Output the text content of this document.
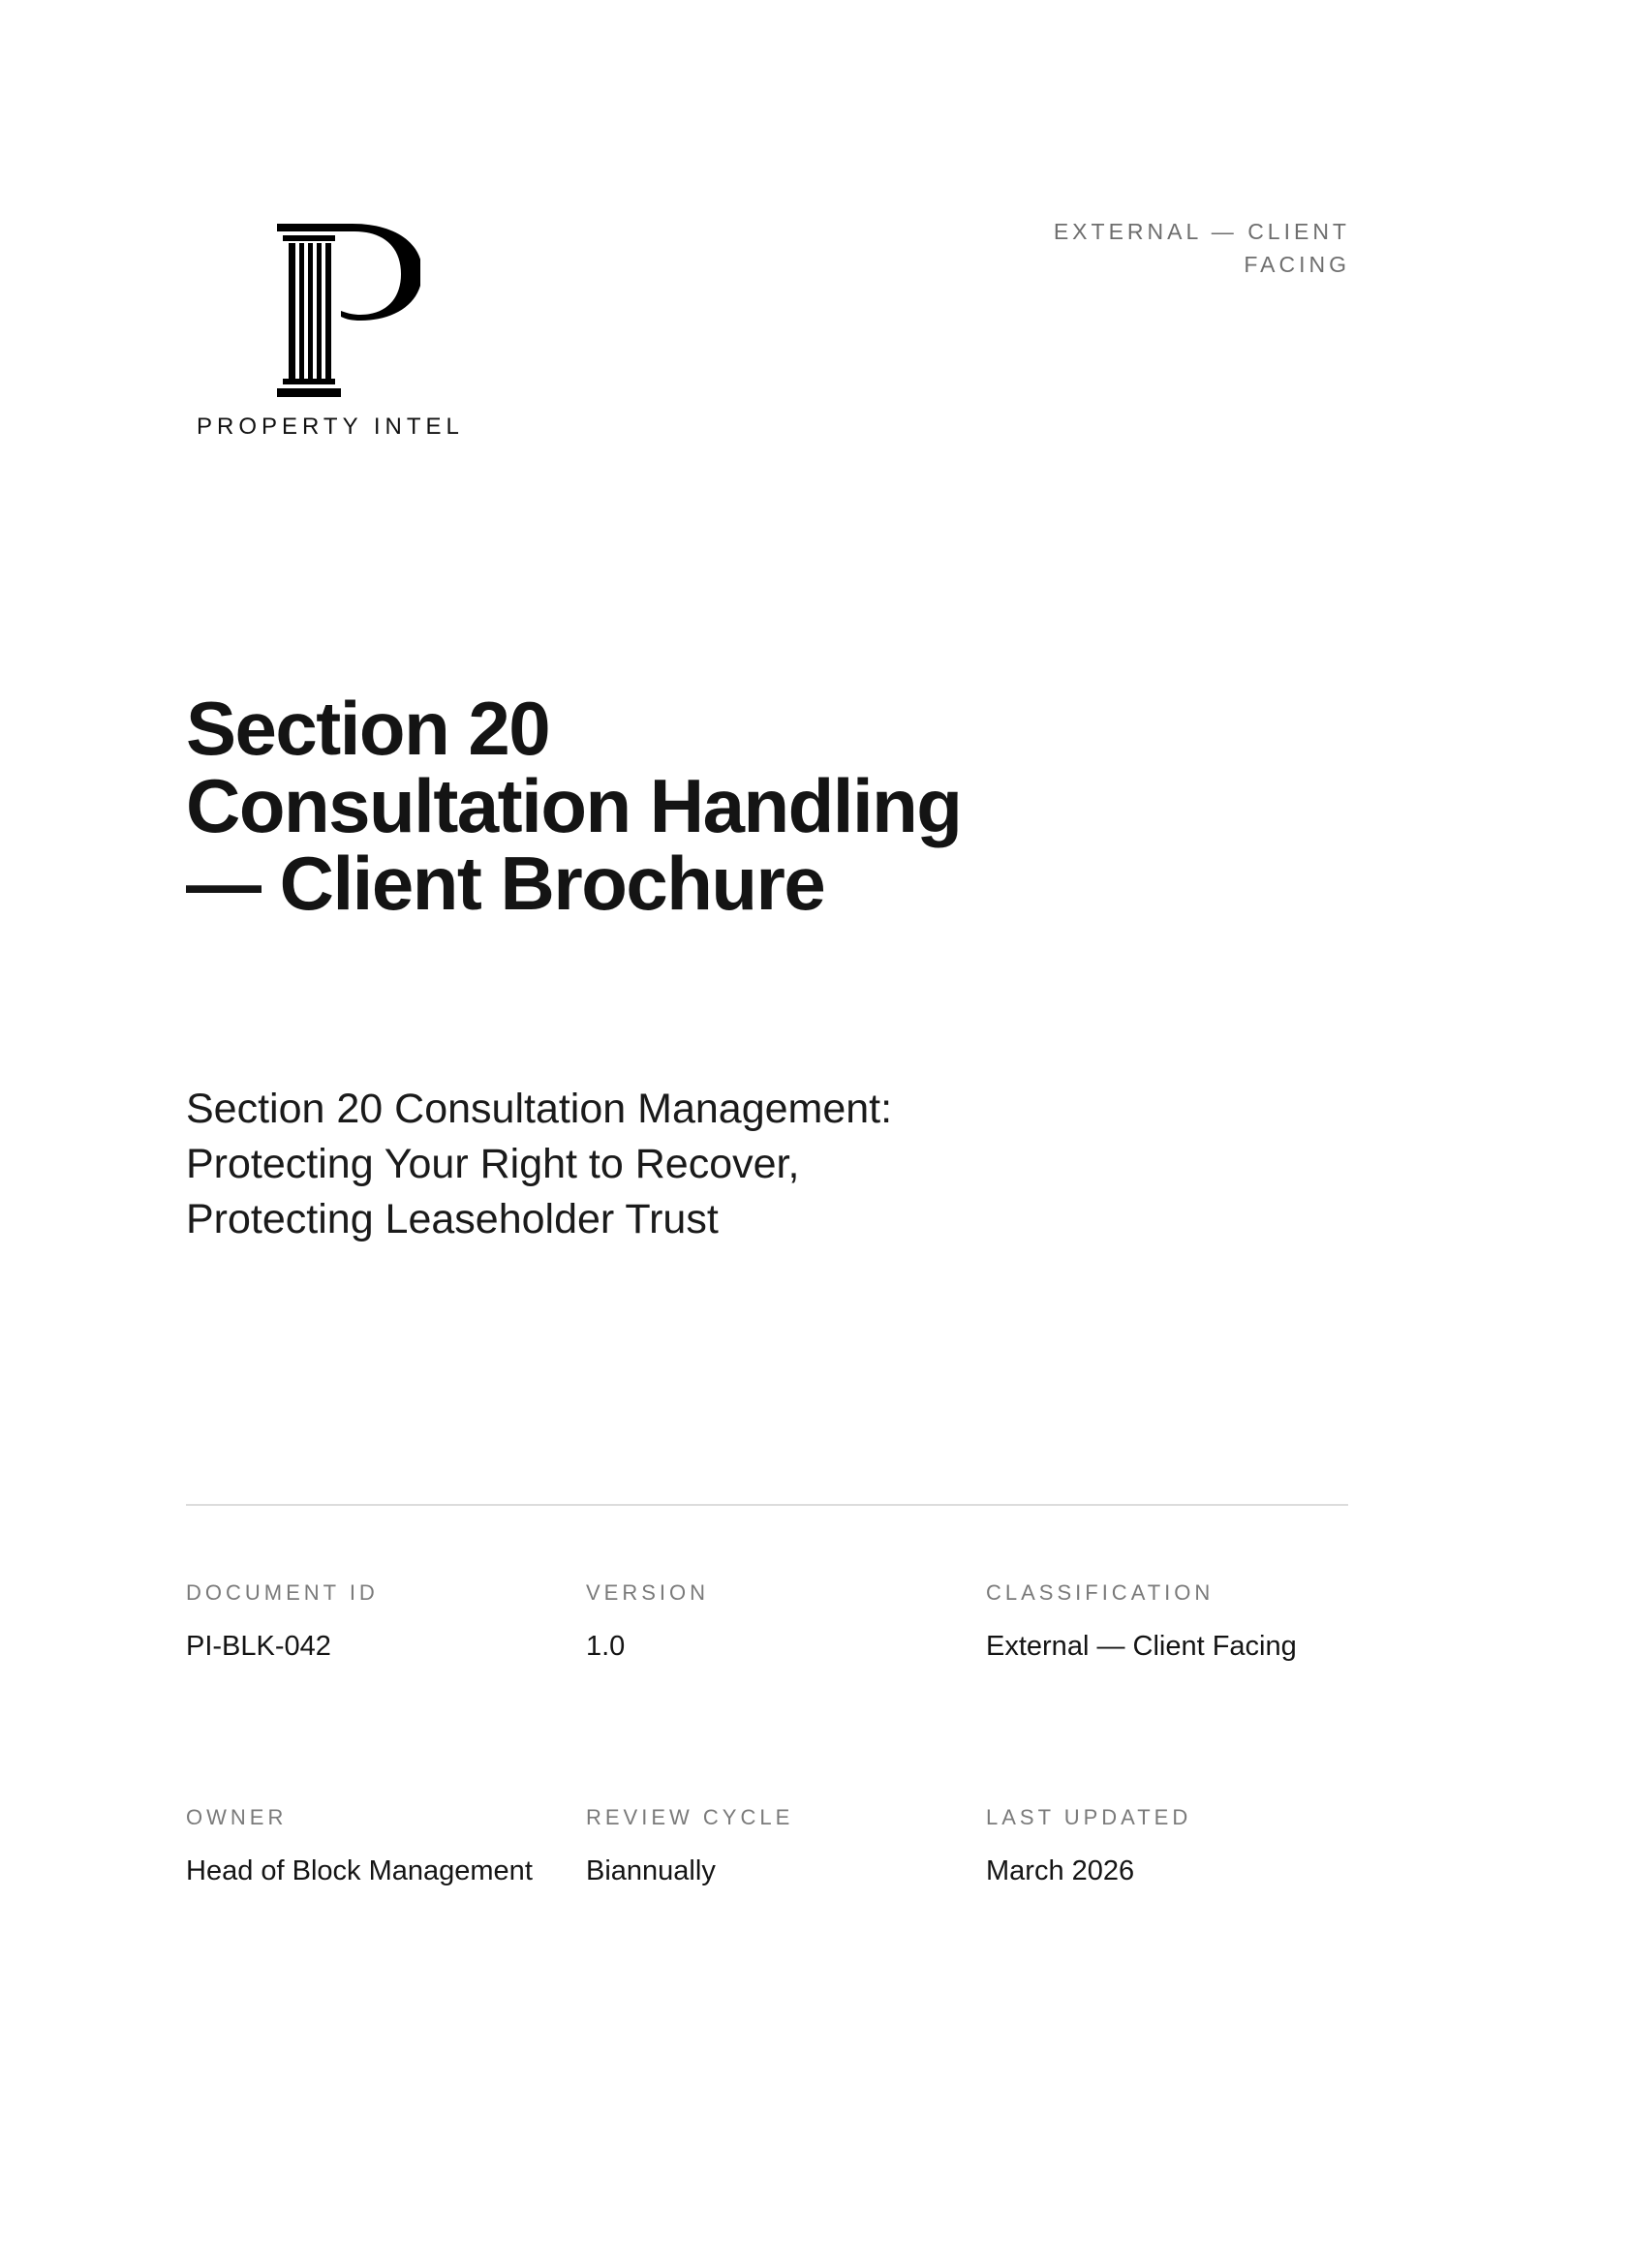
PROPERTY INTEL
EXTERNAL — CLIENT
FACING
Section 20
Consultation Handling
— Client Brochure
Section 20 Consultation Management:
Protecting Your Right to Recover,
Protecting Leaseholder Trust
DOCUMENT ID
PI-BLK-042
VERSION
1.0
CLASSIFICATION
External — Client Facing
OWNER
Head of Block Management
REVIEW CYCLE
Biannually
LAST UPDATED
March 2026
